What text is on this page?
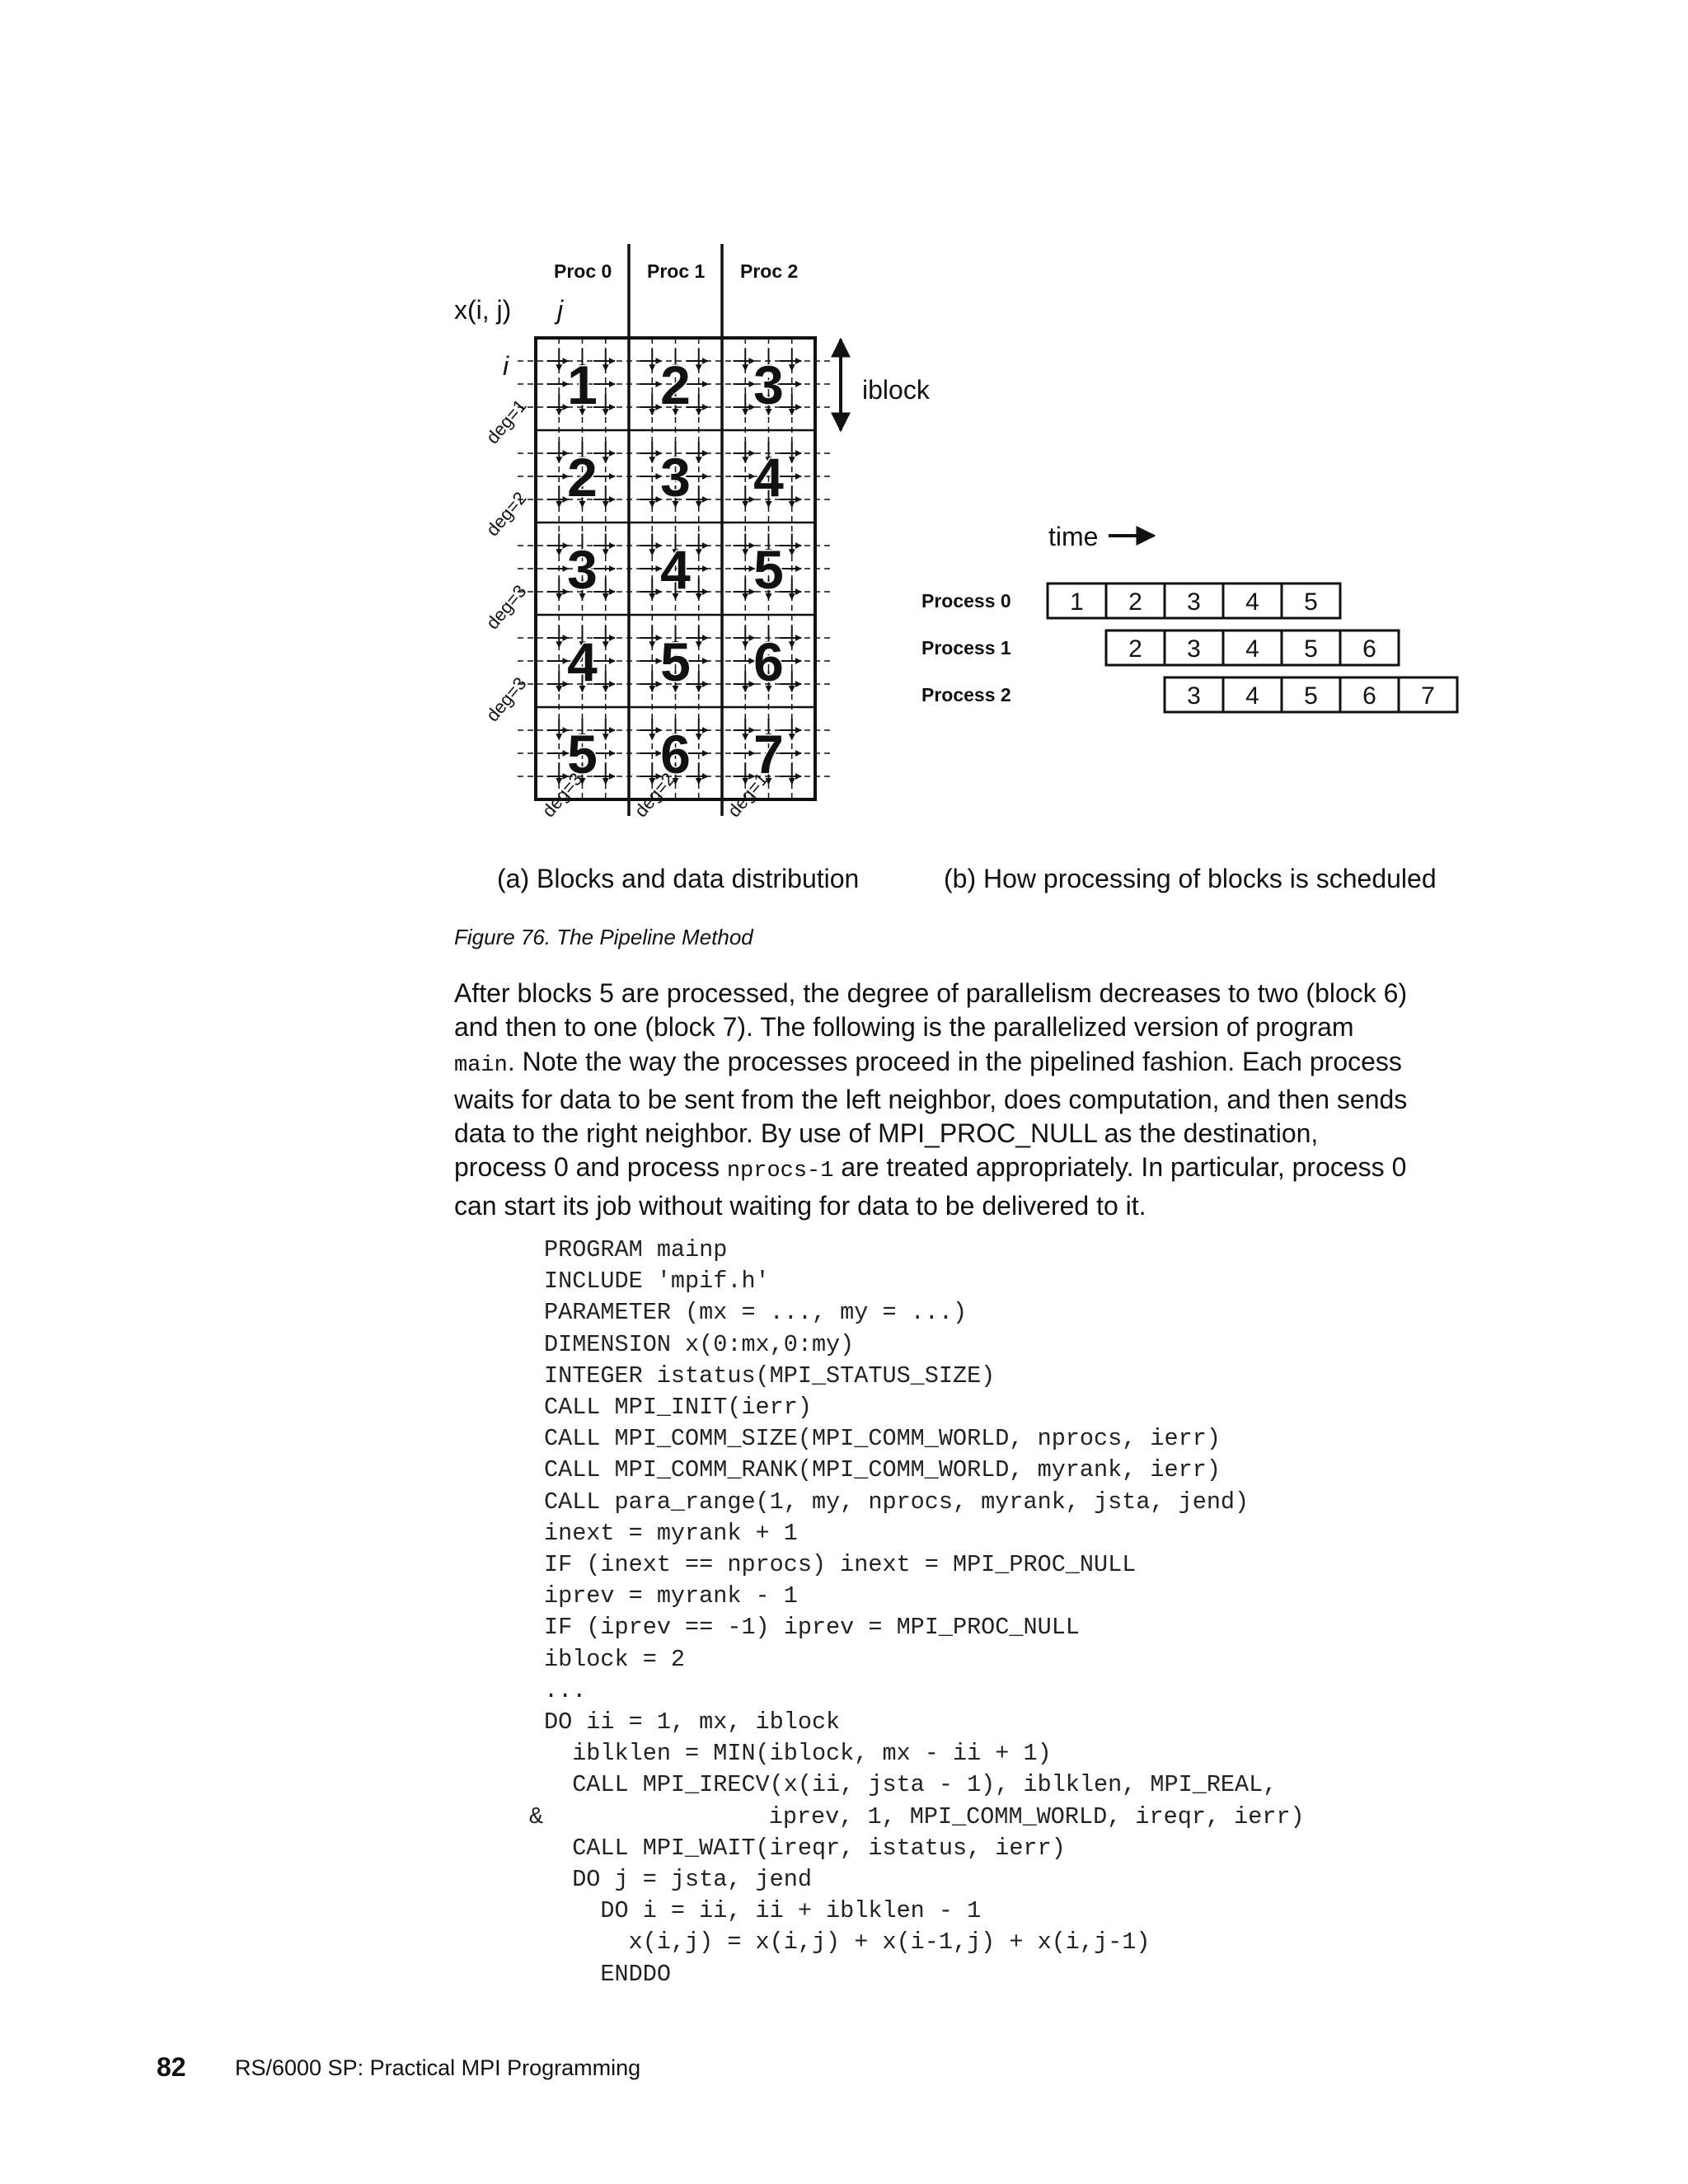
1 2 3
2 3 4
3 4 5
4 5 6
5 6 7
x(i, j) j
i
Proc 0 Proc 1 Proc 2
iblock
deg=1
deg=2
deg=3
deg=3
deg=3 deg=2 deg=1
time
Process 0 1 2 3 4 5
Process 1	2 3 4 5 6
Process 2	3 4 5 6 7
(a) Blocks and data distribution	(b) How processing of blocks is scheduled
Figure 76. The Pipeline Method
After blocks 5 are processed, the degree of parallelism decreases to two (block 6)
and then to one (block 7). The following is the parallelized version of program
main. Note the way the processes proceed in the pipelined fashion. Each process
waits for data to be sent from the left neighbor, does computation, and then sends
data to the right neighbor. By use of MPI_PROC_NULL as the destination,
process 0 and process nprocs-1 are treated appropriately. In particular, process 0
can start its job without waiting for data to be delivered to it.
PROGRAM mainp
INCLUDE 'mpif.h'
PARAMETER (mx = ..., my = ...)
DIMENSION x(0:mx,0:my)
INTEGER istatus(MPI_STATUS_SIZE)
CALL MPI_INIT(ierr)
CALL MPI_COMM_SIZE(MPI_COMM_WORLD, nprocs, ierr)
CALL MPI_COMM_RANK(MPI_COMM_WORLD, myrank, ierr)
CALL para_range(1, my, nprocs, myrank, jsta, jend)
inext = myrank + 1
IF (inext == nprocs) inext = MPI_PROC_NULL
iprev = myrank - 1
IF (iprev == -1) iprev = MPI_PROC_NULL
iblock = 2
...
DO ii = 1, mx, iblock
iblklen = MIN(iblock, mx - ii + 1)
CALL MPI_IRECV(x(ii, jsta - 1), iblklen, MPI_REAL,
&                iprev, 1, MPI_COMM_WORLD, ireqr, ierr)
CALL MPI_WAIT(ireqr, istatus, ierr)
DO j = jsta, jend
DO i = ii, ii + iblklen - 1
x(i,j) = x(i,j) + x(i-1,j) + x(i,j-1)
ENDDO
82 RS/6000 SP: Practical MPI Programming
